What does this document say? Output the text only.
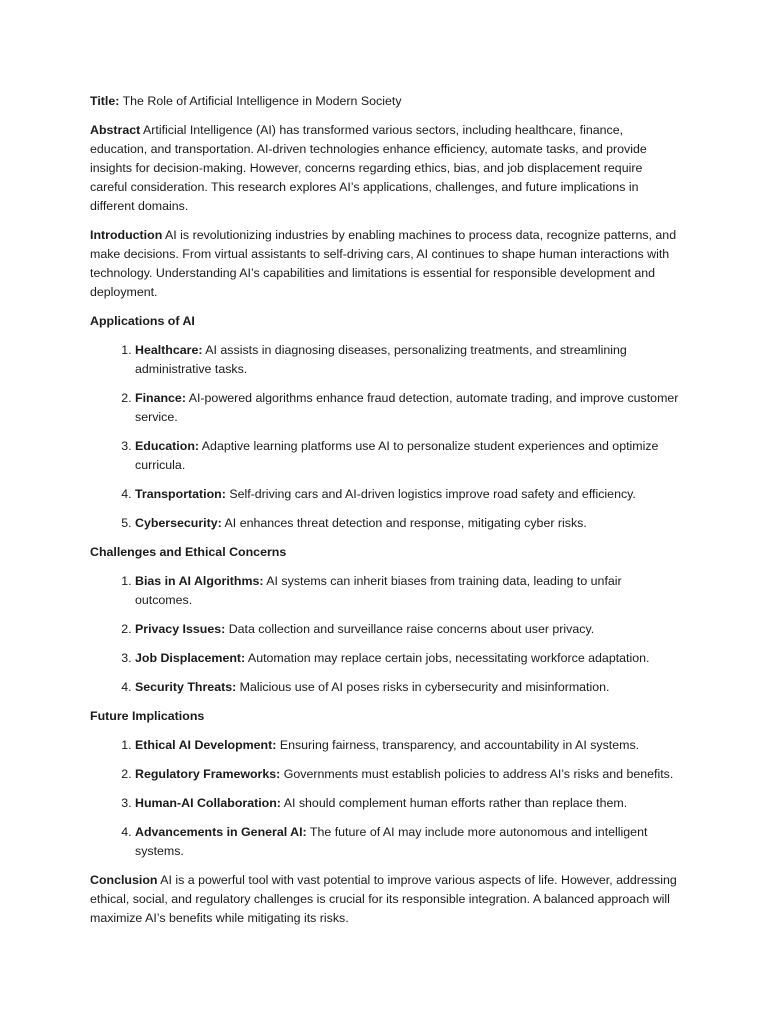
Title: The Role of Artificial Intelligence in Modern Society

Abstract Artificial Intelligence (AI) has transformed various sectors, including healthcare, finance, education, and transportation. AI-driven technologies enhance efficiency, automate tasks, and provide insights for decision-making. However, concerns regarding ethics, bias, and job displacement require careful consideration. This research explores AI’s applications, challenges, and future implications in different domains.

Introduction AI is revolutionizing industries by enabling machines to process data, recognize patterns, and make decisions. From virtual assistants to self-driving cars, AI continues to shape human interactions with technology. Understanding AI’s capabilities and limitations is essential for responsible development and deployment.

Applications of AI

1. Healthcare: AI assists in diagnosing diseases, personalizing treatments, and streamlining administrative tasks.
2. Finance: AI-powered algorithms enhance fraud detection, automate trading, and improve customer service.
3. Education: Adaptive learning platforms use AI to personalize student experiences and optimize curricula.
4. Transportation: Self-driving cars and AI-driven logistics improve road safety and efficiency.
5. Cybersecurity: AI enhances threat detection and response, mitigating cyber risks.

Challenges and Ethical Concerns

1. Bias in AI Algorithms: AI systems can inherit biases from training data, leading to unfair outcomes.
2. Privacy Issues: Data collection and surveillance raise concerns about user privacy.
3. Job Displacement: Automation may replace certain jobs, necessitating workforce adaptation.
4. Security Threats: Malicious use of AI poses risks in cybersecurity and misinformation.

Future Implications

1. Ethical AI Development: Ensuring fairness, transparency, and accountability in AI systems.
2. Regulatory Frameworks: Governments must establish policies to address AI’s risks and benefits.
3. Human-AI Collaboration: AI should complement human efforts rather than replace them.
4. Advancements in General AI: The future of AI may include more autonomous and intelligent systems.

Conclusion AI is a powerful tool with vast potential to improve various aspects of life. However, addressing ethical, social, and regulatory challenges is crucial for its responsible integration. A balanced approach will maximize AI’s benefits while mitigating its risks.
